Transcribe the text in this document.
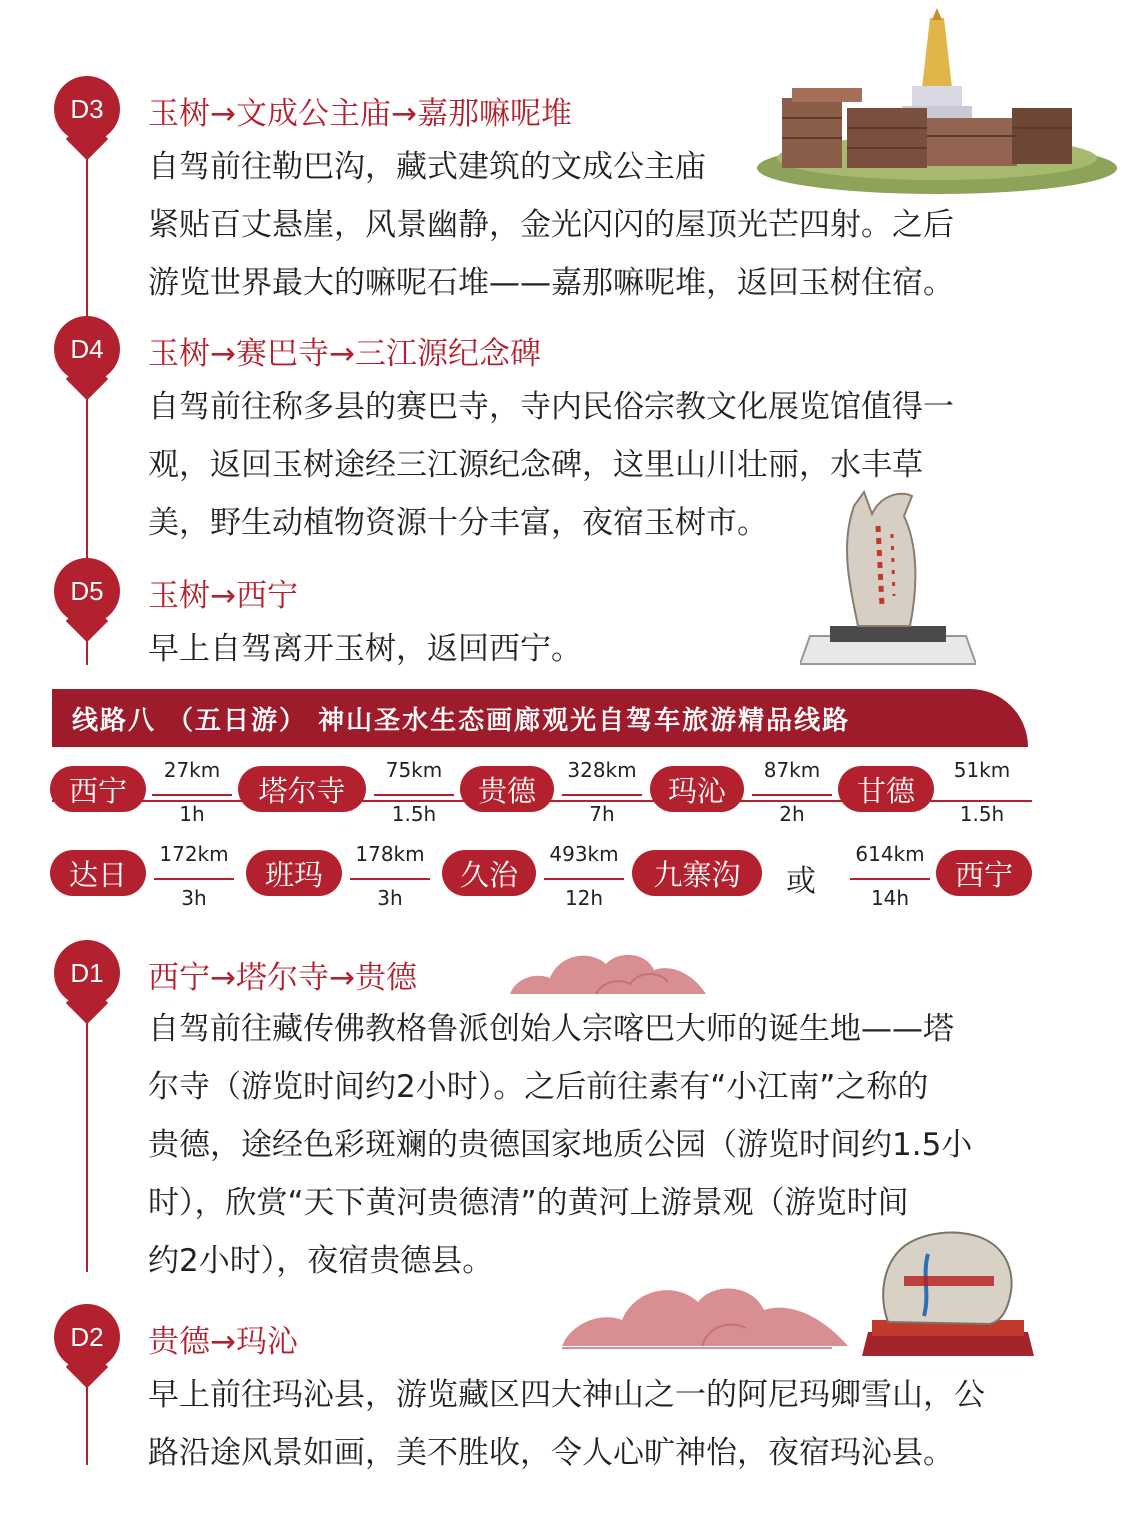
D3 玉树→文成公主庙→嘉那嘛呢堆

自驾前往勒巴沟，藏式建筑的文成公主庙

紧贴百丈悬崖，风景幽静，金光闪闪的屋顶光芒四射。之后

游览世界最大的嘛呢石堆——嘉那嘛呢堆，返回玉树住宿。

D4 玉树→赛巴寺→三江源纪念碑

自驾前往称多县的赛巴寺，寺内民俗宗教文化展览馆值得一

观，返回玉树途经三江源纪念碑，这里山川壮丽，水丰草

美，野生动植物资源十分丰富，夜宿玉树市。

D5 玉树→西宁

早上自驾离开玉树，返回西宁。

线路八 （五日游） 神山圣水生态画廊观光自驾车旅游精品线路
西宁
27km
1h
塔尔寺
75km
1.5h
贵德
328km
7h
玛沁
87km
2h
甘德
51km
1.5h
达日
172km
3h
班玛
178km
3h
久治
493km
12h
九寨沟	或
614km
14h
西宁
D1 西宁→塔尔寺→贵德

自驾前往藏传佛教格鲁派创始人宗喀巴大师的诞生地——塔

尔寺（游览时间约2小时）。之后前往素有“小江南”之称的

贵德，途经色彩斑斓的贵德国家地质公园（游览时间约1.5小

时），欣赏“天下黄河贵德清”的黄河上游景观（游览时间

约2小时），夜宿贵德县。

D2 贵德→玛沁

早上前往玛沁县，游览藏区四大神山之一的阿尼玛卿雪山，公

路沿途风景如画，美不胜收，令人心旷神怡，夜宿玛沁县。
